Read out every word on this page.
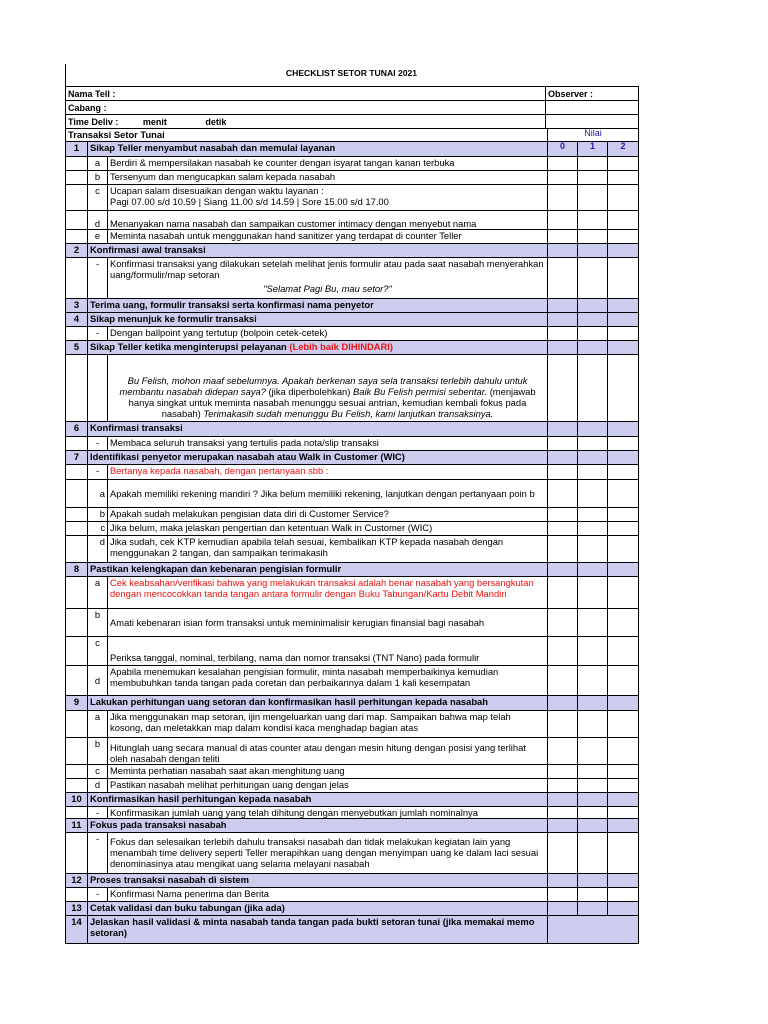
CHECKLIST SETOR TUNAI 2021
Nama Tell :	Observer :
Cabang :	
Time Deliv : menit detik	
Transaksi Setor Tunai			Nilai		

1	Sikap Teller menyambut nasabah dan memulai layanan		0	1	2

	a	Berdiri & mempersilakan nasabah ke counter dengan isyarat tangan kanan terbuka			
	b	Tersenyum dan mengucapkan salam kepada nasabah			
	c	Ucapan salam disesuaikan dengan waktu layanan :
Pagi 07.00 s/d 10.59 | Siang 11.00 s/d 14.59 | Sore 15.00 s/d 17.00			

	d	Menanyakan nama nasabah dan sampaikan customer intimacy dengan menyebut nama			
	e	Meminta nasabah untuk menggunakan hand sanitizer yang terdapat di counter Teller			
2	Konfirmasi awal transaksi				
	-	Konfirmasi transaksi yang dilakukan setelah melihat jenis formulir atau pada saat nasabah menyerahkan uang/formulir/map setoran
"Selamat Pagi Bu, mau setor?"			

3	Terima uang, formulir transaksi serta konfirmasi nama penyetor				
4	Sikap menunjuk ke formulir transaksi				
	-	Dengan ballpoint yang tertutup (bolpoin cetek-cetek)			
5	Sikap Teller ketika menginterupsi pelayanan (Lebih baik DIHINDARI)				
		Bu Felish, mohon maaf sebelumnya. Apakah berkenan saya sela transaksi terlebih dahulu untuk membantu nasabah didepan saya? (jika diperbolehkan) Baik Bu Felish permisi sebentar. (menjawab hanya singkat untuk meminta nasabah menunggu sesuai antrian, kemudian kembali fokus pada nasabah) Terimakasih sudah menunggu Bu Felish, kami lanjutkan transaksinya.			
6	Konfirmasi transaksi				
	-	Membaca seluruh transaksi yang tertulis pada nota/slip transaksi			
7	Identifikasi penyetor merupakan nasabah atau Walk in Customer (WIC)				
	-	Bertanya kepada nasabah, dengan pertanyaan sbb :			
	a	Apakah memiliki rekening mandiri ? Jika belum memiliki rekening, lanjutkan dengan pertanyaan poin b			
	b	Apakah sudah melakukan pengisian data diri di Customer Service?			
	c	Jika belum, maka jelaskan pengertian dan ketentuan Walk in Customer (WIC)			
	d	Jika sudah, cek KTP kemudian apabila telah sesuai, kembalikan KTP kepada nasabah dengan menggunakan 2 tangan, dan sampaikan terimakasih			
8	Pastikan kelengkapan dan kebenaran pengisian formulir				
	a	Cek keabsahan/verifikasi bahwa yang melakukan transaksi adalah benar nasabah yang bersangkutan dengan mencocokkan tanda tangan antara formulir dengan Buku Tabungan/Kartu Debit Mandiri			
	b	Amati kebenaran isian form transaksi untuk meminimalisir kerugian finansial bagi nasabah			
	c	Periksa tanggal, nominal, terbilang, nama dan nomor transaksi (TNT Nano) pada formulir			
	d	Apabila menemukan kesalahan pengisian formulir, minta nasabah memperbaikinya kemudian membubuhkan tanda tangan pada coretan dan perbaikannya dalam 1 kali kesempatan			
9	Lakukan perhitungan uang setoran dan konfirmasikan hasil perhitungan kepada nasabah				
	a	Jika menggunakan map setoran, ijin mengeluarkan uang dari map. Sampaikan bahwa map telah kosong, dan meletakkan map dalam kondisi kaca menghadap bagian atas			
	b	Hitunglah uang secara manual di atas counter atau dengan mesin hitung dengan posisi yang terlihat oleh nasabah dengan teliti			
	c	Meminta perhatian nasabah saat akan menghitung uang			
	d	Pastikan nasabah melihat perhitungan uang dengan jelas			
10	Konfirmasikan hasil perhitungan kepada nasabah				
	-	Konfirmasikan jumlah uang yang telah dihitung dengan menyebutkan jumlah nominalnya			
11	Fokus pada transaksi nasabah				
	-	Fokus dan selesaikan terlebih dahulu transaksi nasabah dan tidak melakukan kegiatan lain yang menambah time delivery seperti Teller merapihkan uang dengan menyimpan uang ke dalam laci sesuai denominasinya atau mengikat uang selama melayani nasabah			
12	Proses transaksi nasabah di sistem				
	-	Konfirmasi Nama penerima dan Berita			
13	Cetak validasi dan buku tabungan (jika ada)				
14	Jelaskan hasil validasi & minta nasabah tanda tangan pada bukti setoran tunai (jika memakai memo setoran)				
